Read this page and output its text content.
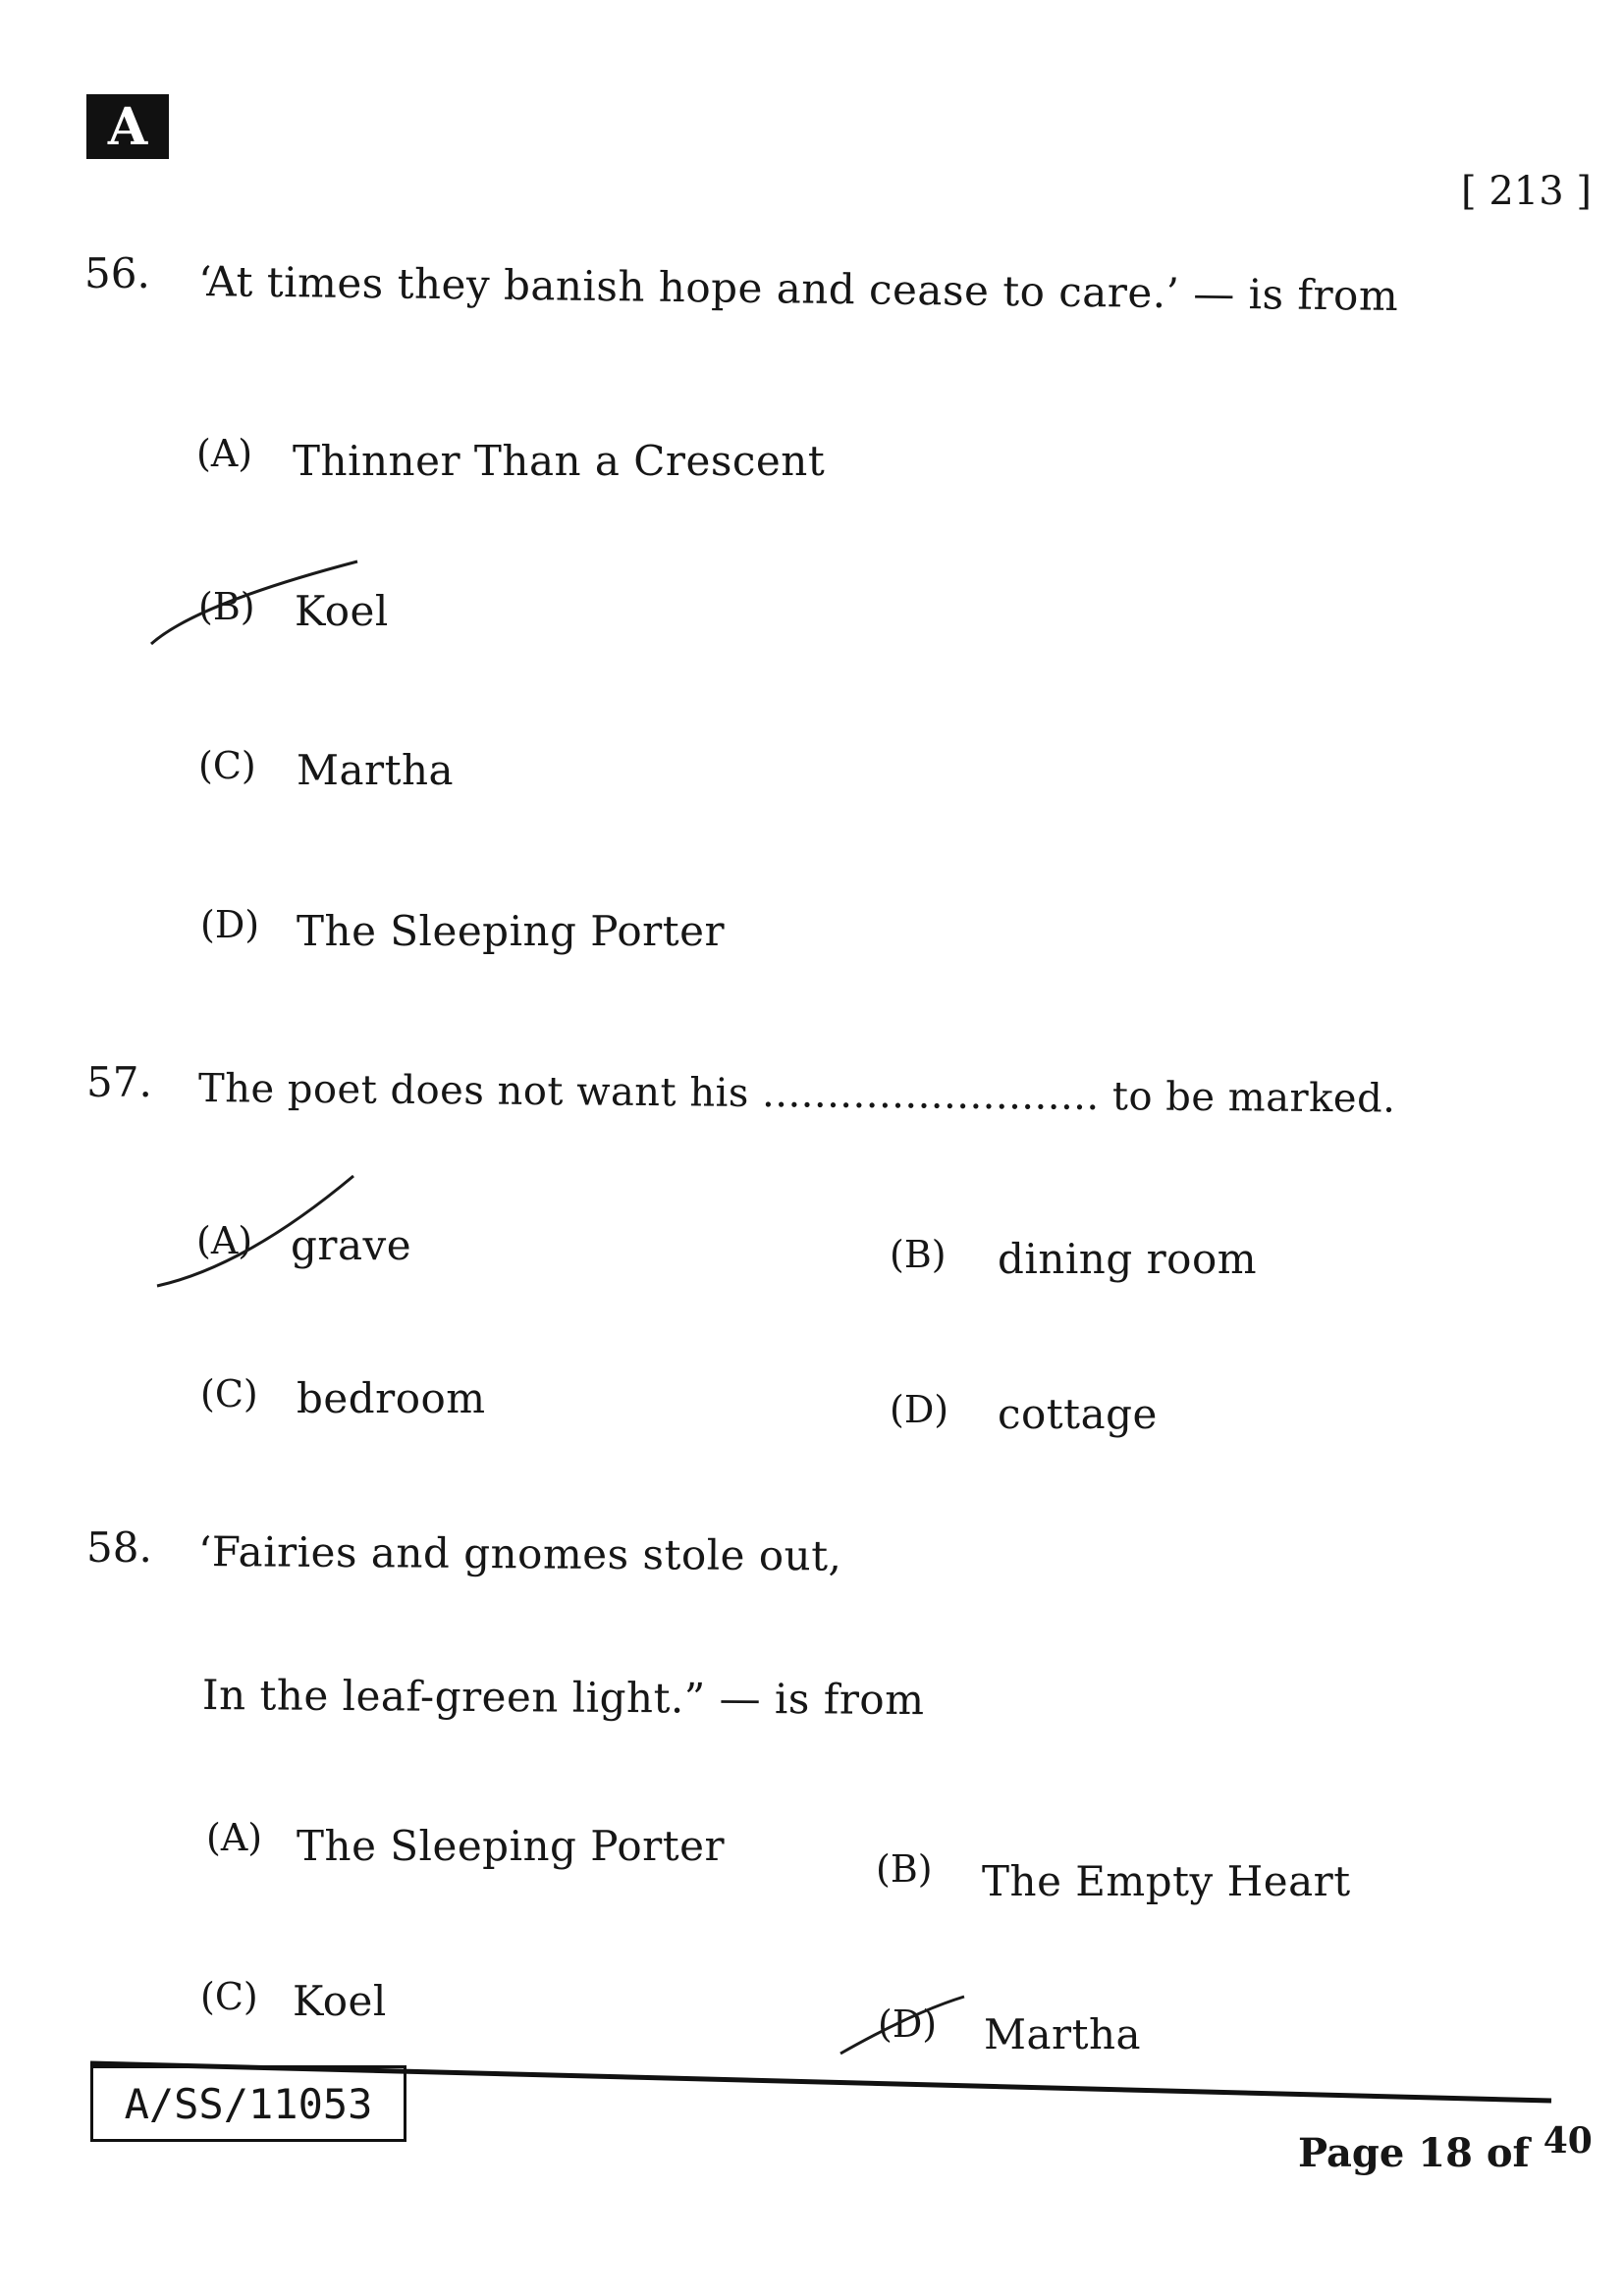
A
[ 213 ]
56. ‘At times they banish hope and cease to care.’ — is from
(A) Thinner Than a Crescent
(B) Koel
(C) Martha
(D) The Sleeping Porter
57. The poet does not want his .......................... to be marked.
(A) grave	(B) dining room
(C) bedroom	(D) cottage
58. ‘Fairies and gnomes stole out,
In the leaf-green light.” — is from
(A) The Sleeping Porter	(B) The Empty Heart
(C) Koel	(D) Martha
A/SS/11053
Page 18 of $^{40}$
